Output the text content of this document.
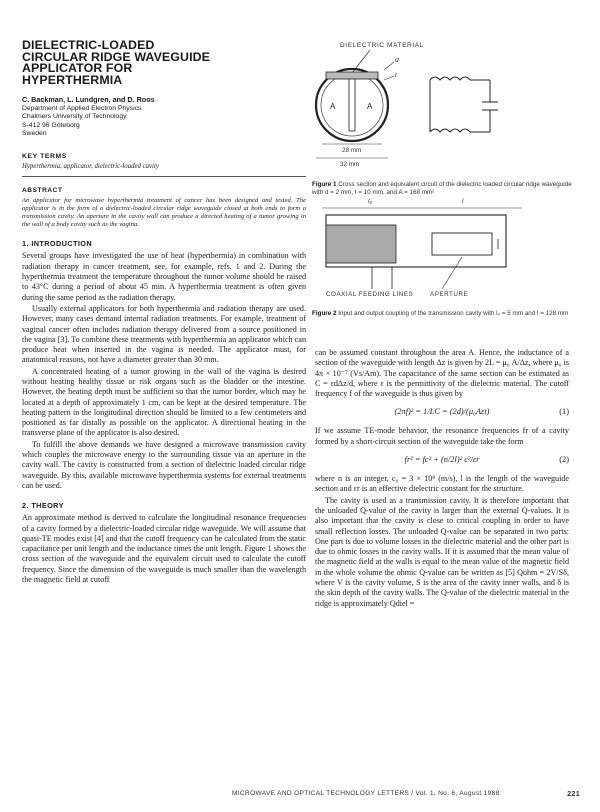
DIELECTRIC-LOADED CIRCULAR RIDGE WAVEGUIDE APPLICATOR FOR HYPERTHERMIA
C. Backman, L. Lundgren, and D. Roos
Department of Applied Electron Physics
Chalmers University of Technology
S-412 96 Göteborg
Sweden
KEY TERMS
Hyperthermia, applicator, dielectric-loaded cavity
ABSTRACT
An applicator for microwave hyperthermia treatment of cancer has been designed and tested. The applicator is in the form of a dielectric-loaded circular ridge waveguide closed at both ends to form a transmission cavity. An aperture in the cavity wall can produce a directed heating of a tumor growing in the wall of a body cavity such as the vagina.
1. INTRODUCTION

Several groups have investigated the use of heat (hyperthermia) in combination with radiation therapy in cancer treatment, see, for example, refs. 1 and 2. During the hyperthermia treatment the temperature throughout the tumor volume should be raised to 43°C during a period of about 45 min. A hyperthermia treatment is often given during the same period as the radiation therapy.

Usually external applicators for both hyperthermia and radiation therapy are used. However, many cases demand internal radiation treatments. For example, treatment of vaginal cancer often includes radiation therapy delivered from a source positioned in the vagina [3]. To combine these treatments with hyperthermia an applicator which can produce heat when inserted in the vagina is needed. The applicator must, for anatomical reasons, not have a diameter greater than 30 mm.

A concentrated heating of a tumor growing in the wall of the vagina is desired without heating healthy tissue or risk organs such as the bladder or the intestine. However, the heating depth must be sufficient so that the tumor border, which may be located at a depth of approximately 1 cm, can be kept at the desired temperature. The heating pattern in the longitudinal direction should be limited to a few centimeters and positioned as far distally as possible on the applicator. A directional heating in the transverse plane of the applicator is also desired.

To fulfill the above demands we have designed a microwave transmission cavity which couples the microwave energy to the surrounding tissue via an aperture in the cavity wall. The cavity is constructed from a section of dielectric loaded circular ridge waveguide. By this, available microwave hyperthermia systems for external treatments can be used.

2. THEORY

An approximate method is derived to calculate the longitudinal resonance frequencies of a cavity formed by a dielectric-loaded circular ridge waveguide. We will assume that quasi-TE modes exist [4] and that the cutoff frequency can be calculated from the static capacitance per unit length and the inductance times the unit length. Figure 1 shows the cross section of the waveguide and the equivalent circuit used to calculate the cutoff frequency. Since the dimension of the waveguide is much smaller than the wavelength the magnetic field at cutoff

DIELECTRIC MATERIAL
A	A
d
t
28 mm
32 mm
Figure 1 Cross section and equivalent circuit of the dielectric loaded circular ridge waveguide with d = 2 mm, t = 10 mm, and A = 168 mm²
l₀	l
COAXIAL FEEDING LINES	APERTURE
Figure 2 Input and output coupling of the transmission cavity with l₀ = 5 mm and l = 128 mm

can be assumed constant throughout the area A. Hence, the inductance of a section of the waveguide with length Δz is given by 2L = μ₀ A/Δz, where μ₀ is 4π × 10⁻⁷ (Vs/Am). The capacitance of the same section can be estimated as C = εdΔz/d, where ε is the permittivity of the dielectric material. The cutoff frequency f of the waveguide is thus given by

(2πf)² = 1/LC = (2d)/(μ₀Aεt)	(1)

If we assume TE-mode behavior, the resonance frequencies fr of a cavity formed by a short-circuit section of the waveguide take the form

fr² = fc² + (n/2l)² c²/εr	(2)

where n is an integer, c₀ = 3 × 10⁸ (m/s), l is the length of the waveguide section and εr is an effective dielectric constant for the structure.

The cavity is used as a transmission cavity. It is therefore important that the unloaded Q-value of the cavity is larger than the external Q-values. It is also important that the cavity is close to critical coupling in order to have small reflection losses. The unloaded Q-value can be separated in two parts: One part is due to volume losses in the dielectric material and the other part is due to ohmic losses in the cavity walls. If it is assumed that the mean value of the magnetic field at the walls is equal to the mean value of the magnetic field in the whole volume the ohmic Q-value can be written as [5] Qohm = 2V/Sδ, where V is the cavity volume, S is the area of the cavity inner walls, and δ is the skin depth of the cavity walls. The Q-value of the dielectric material in the ridge is approximately Qdiel =

MICROWAVE AND OPTICAL TECHNOLOGY LETTERS / Vol. 1, No. 6, August 1988	221
